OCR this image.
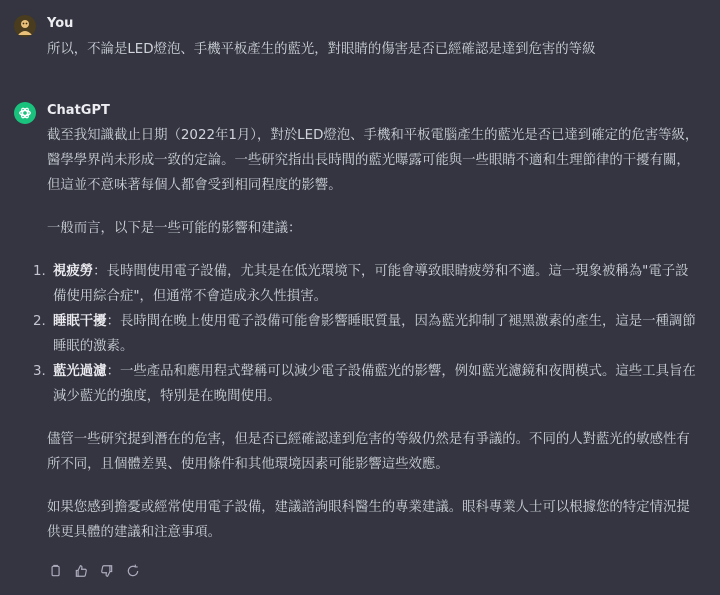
You
所以，不論是LED燈泡、手機平板產生的藍光，對眼睛的傷害是否已經確認是達到危害的等級
ChatGPT

截至我知識截止日期（2022年1月），對於LED燈泡、手機和平板電腦產生的藍光是否已達到確定的危害等級，醫學學界尚未形成一致的定論。一些研究指出長時間的藍光曝露可能與一些眼睛不適和生理節律的干擾有關，但這並不意味著每個人都會受到相同程度的影響。

一般而言，以下是一些可能的影響和建議：

1. 視疲勞：長時間使用電子設備，尤其是在低光環境下，可能會導致眼睛疲勞和不適。這一現象被稱為"電子設備使用綜合症"，但通常不會造成永久性損害。
2. 睡眠干擾：長時間在晚上使用電子設備可能會影響睡眠質量，因為藍光抑制了褪黑激素的產生，這是一種調節睡眠的激素。
3. 藍光過濾：一些產品和應用程式聲稱可以減少電子設備藍光的影響，例如藍光濾鏡和夜間模式。這些工具旨在減少藍光的強度，特別是在晚間使用。

儘管一些研究提到潛在的危害，但是否已經確認達到危害的等級仍然是有爭議的。不同的人對藍光的敏感性有所不同，且個體差異、使用條件和其他環境因素可能影響這些效應。

如果您感到擔憂或經常使用電子設備，建議諮詢眼科醫生的專業建議。眼科專業人士可以根據您的特定情況提供更具體的建議和注意事項。
